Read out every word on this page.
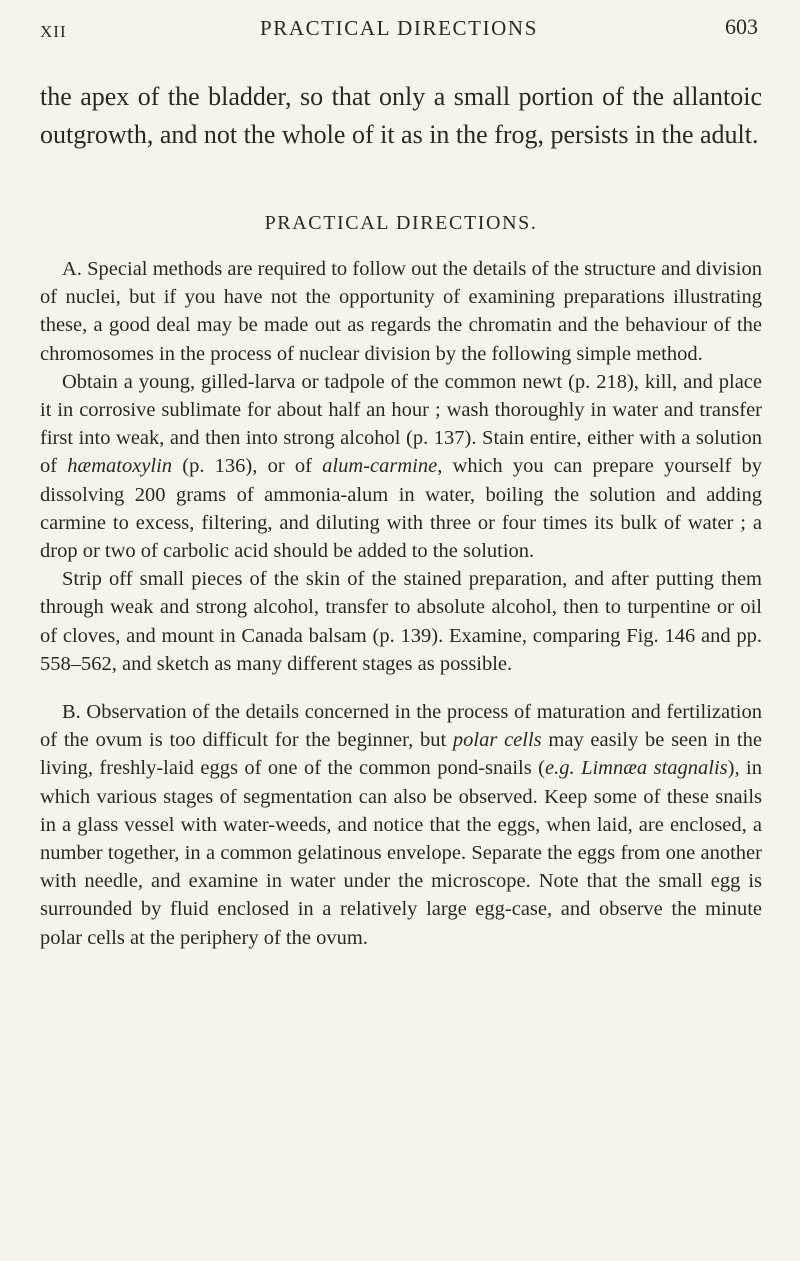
XII	PRACTICAL DIRECTIONS	603

the apex of the bladder, so that only a small portion of the allantoic outgrowth, and not the whole of it as in the frog, persists in the adult.

PRACTICAL DIRECTIONS.

A. Special methods are required to follow out the details of the structure and division of nuclei, but if you have not the opportunity of examining preparations illustrating these, a good deal may be made out as regards the chromatin and the behaviour of the chromosomes in the process of nuclear division by the following simple method.

Obtain a young, gilled-larva or tadpole of the common newt (p. 218), kill, and place it in corrosive sublimate for about half an hour ; wash thoroughly in water and transfer first into weak, and then into strong alcohol (p. 137). Stain entire, either with a solution of hæmatoxylin (p. 136), or of alum-carmine, which you can prepare yourself by dissolving 200 grams of ammonia-alum in water, boiling the solution and adding carmine to excess, filtering, and diluting with three or four times its bulk of water ; a drop or two of carbolic acid should be added to the solution.

Strip off small pieces of the skin of the stained preparation, and after putting them through weak and strong alcohol, transfer to absolute alcohol, then to turpentine or oil of cloves, and mount in Canada balsam (p. 139). Examine, comparing Fig. 146 and pp. 558–562, and sketch as many different stages as possible.

B. Observation of the details concerned in the process of maturation and fertilization of the ovum is too difficult for the beginner, but polar cells may easily be seen in the living, freshly-laid eggs of one of the common pond-snails (e.g. Limnæa stagnalis), in which various stages of segmentation can also be observed. Keep some of these snails in a glass vessel with water-weeds, and notice that the eggs, when laid, are enclosed, a number together, in a common gelatinous envelope. Separate the eggs from one another with needle, and examine in water under the microscope. Note that the small egg is surrounded by fluid enclosed in a relatively large egg-case, and observe the minute polar cells at the periphery of the ovum.
